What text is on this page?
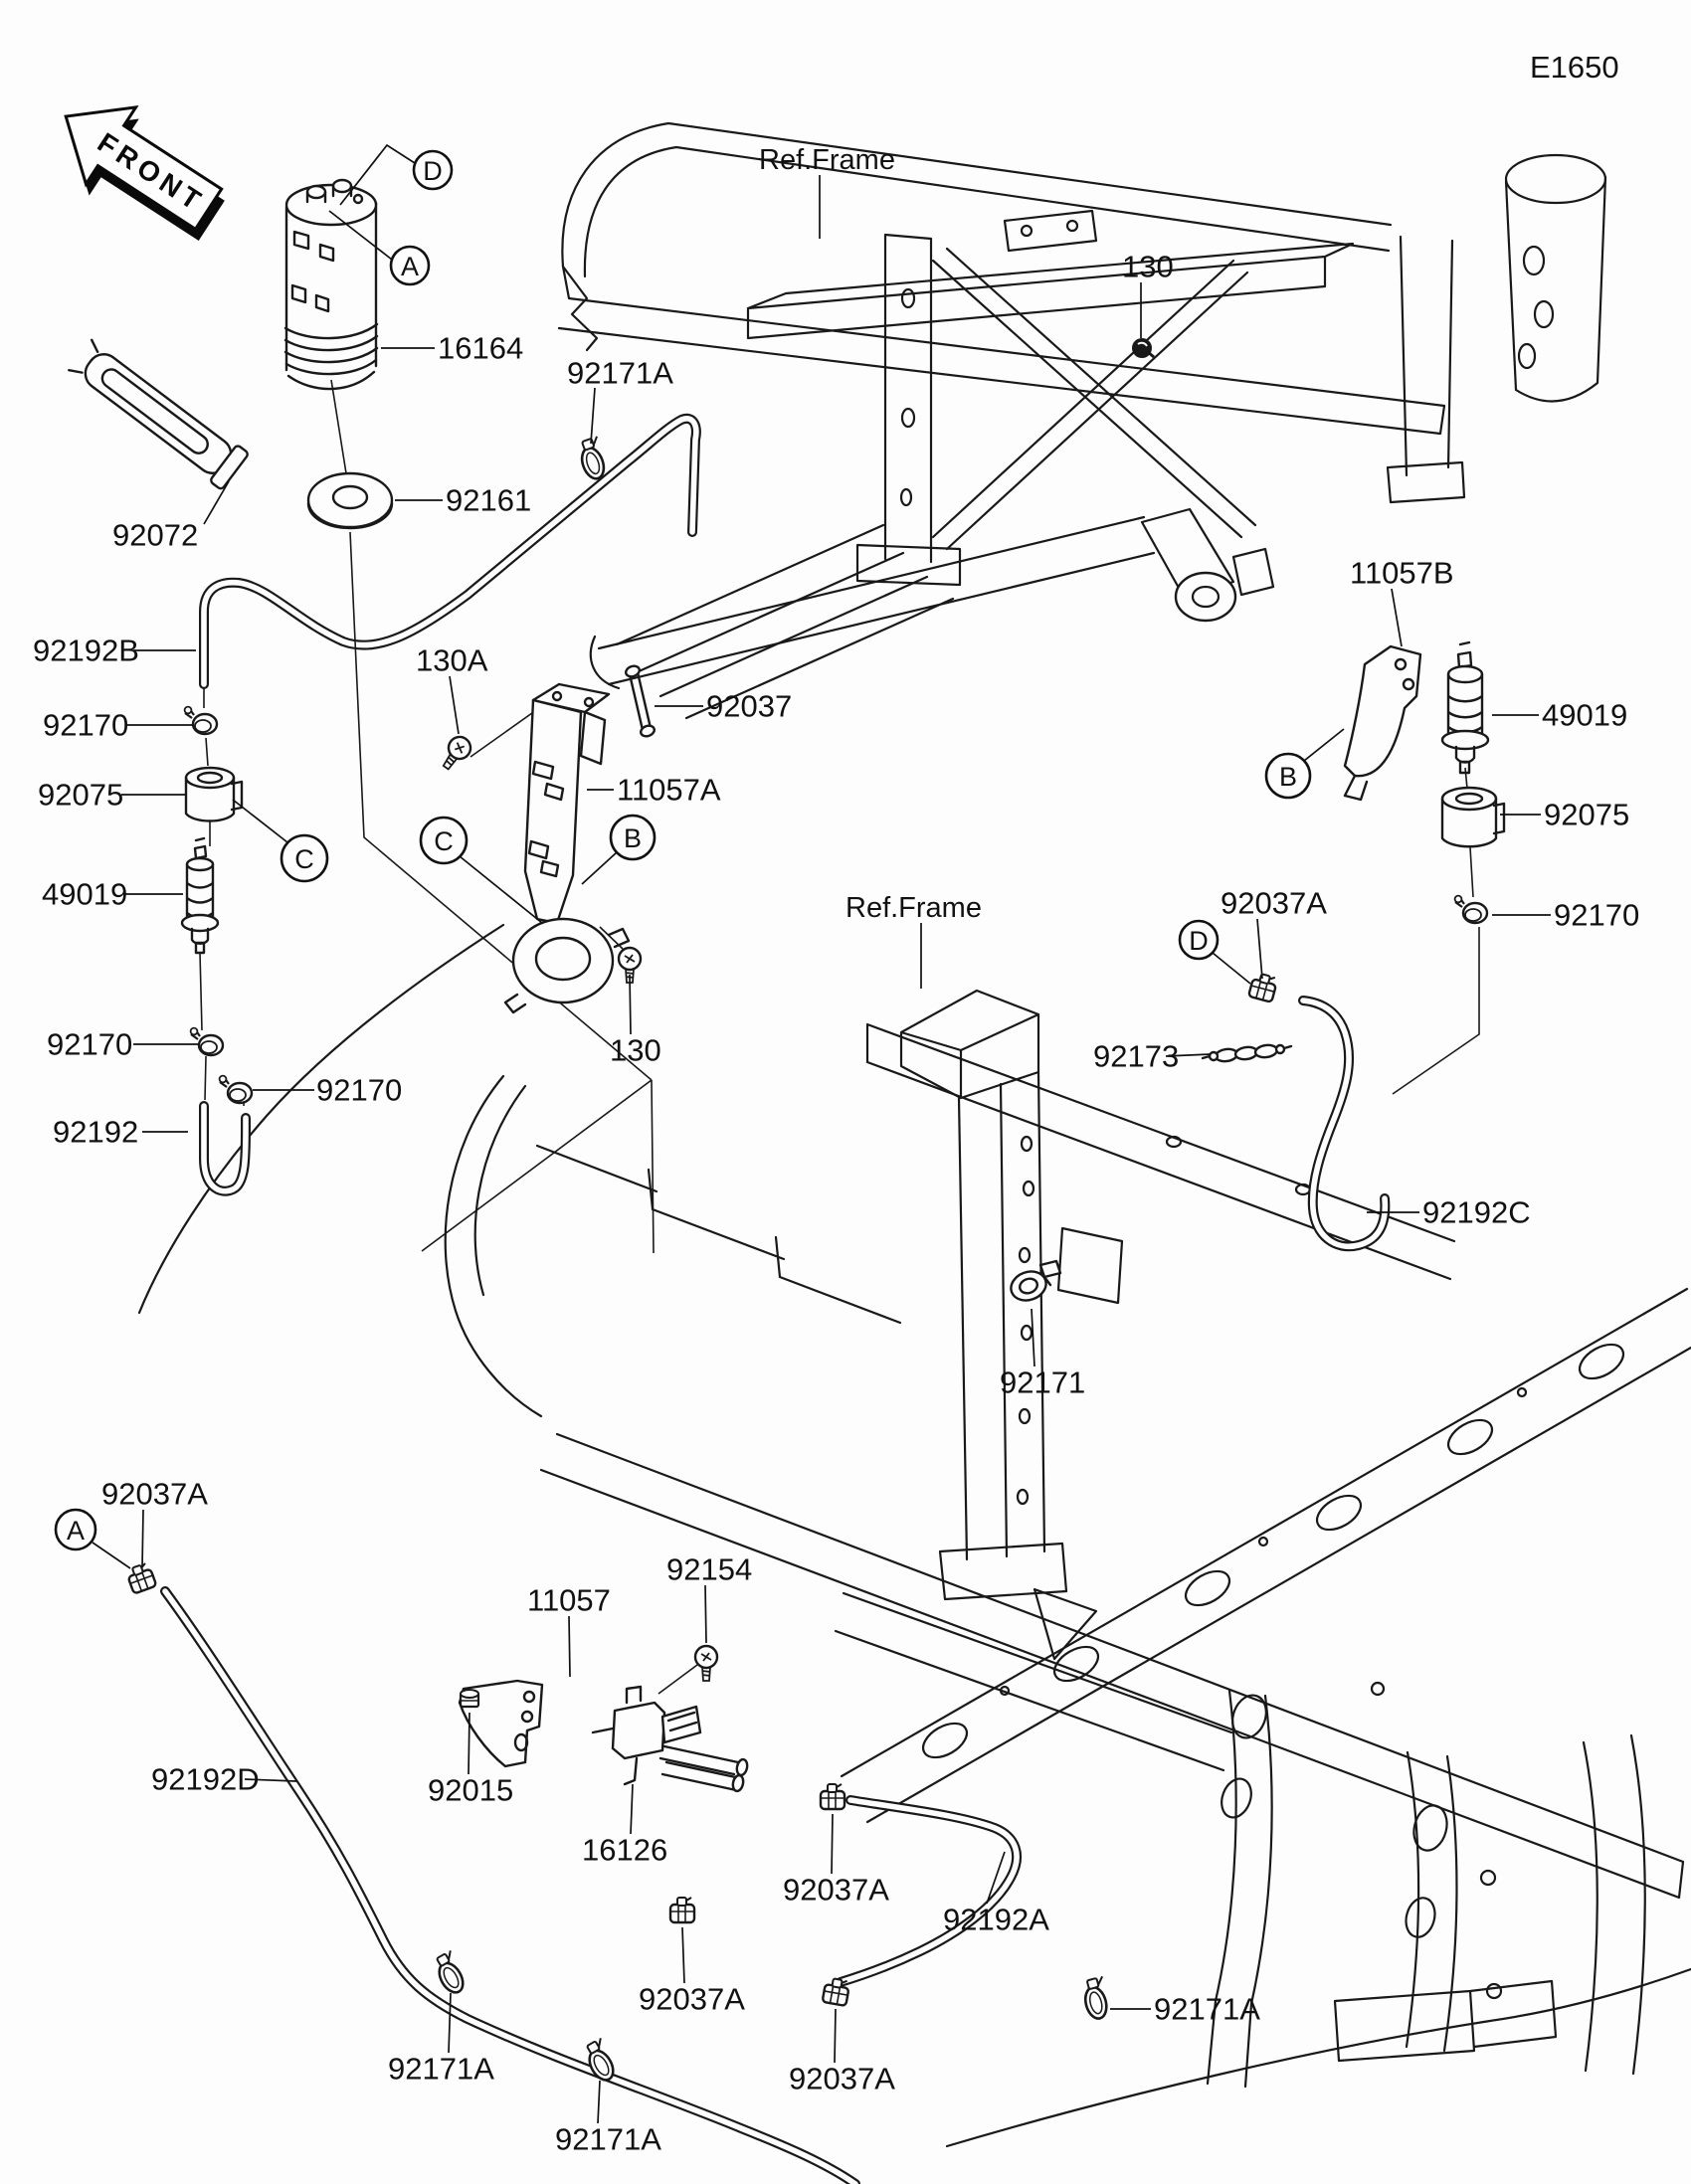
FRONT	Ref.Frame
Ref.Frame
16164
92161
92072
92171A
92192B
92170
92075
49019
92170
92170
92192
130A
92037
11057A
130
130
11057B
49019
92075
92170
92037A
92173
92192C
92171
92037A
92192D	92015
11057
92154
16126
92037A
92192A
92037A
92037A
92171A
92171A
92171A
D
A
C
C	B
B
D
A
E1650
